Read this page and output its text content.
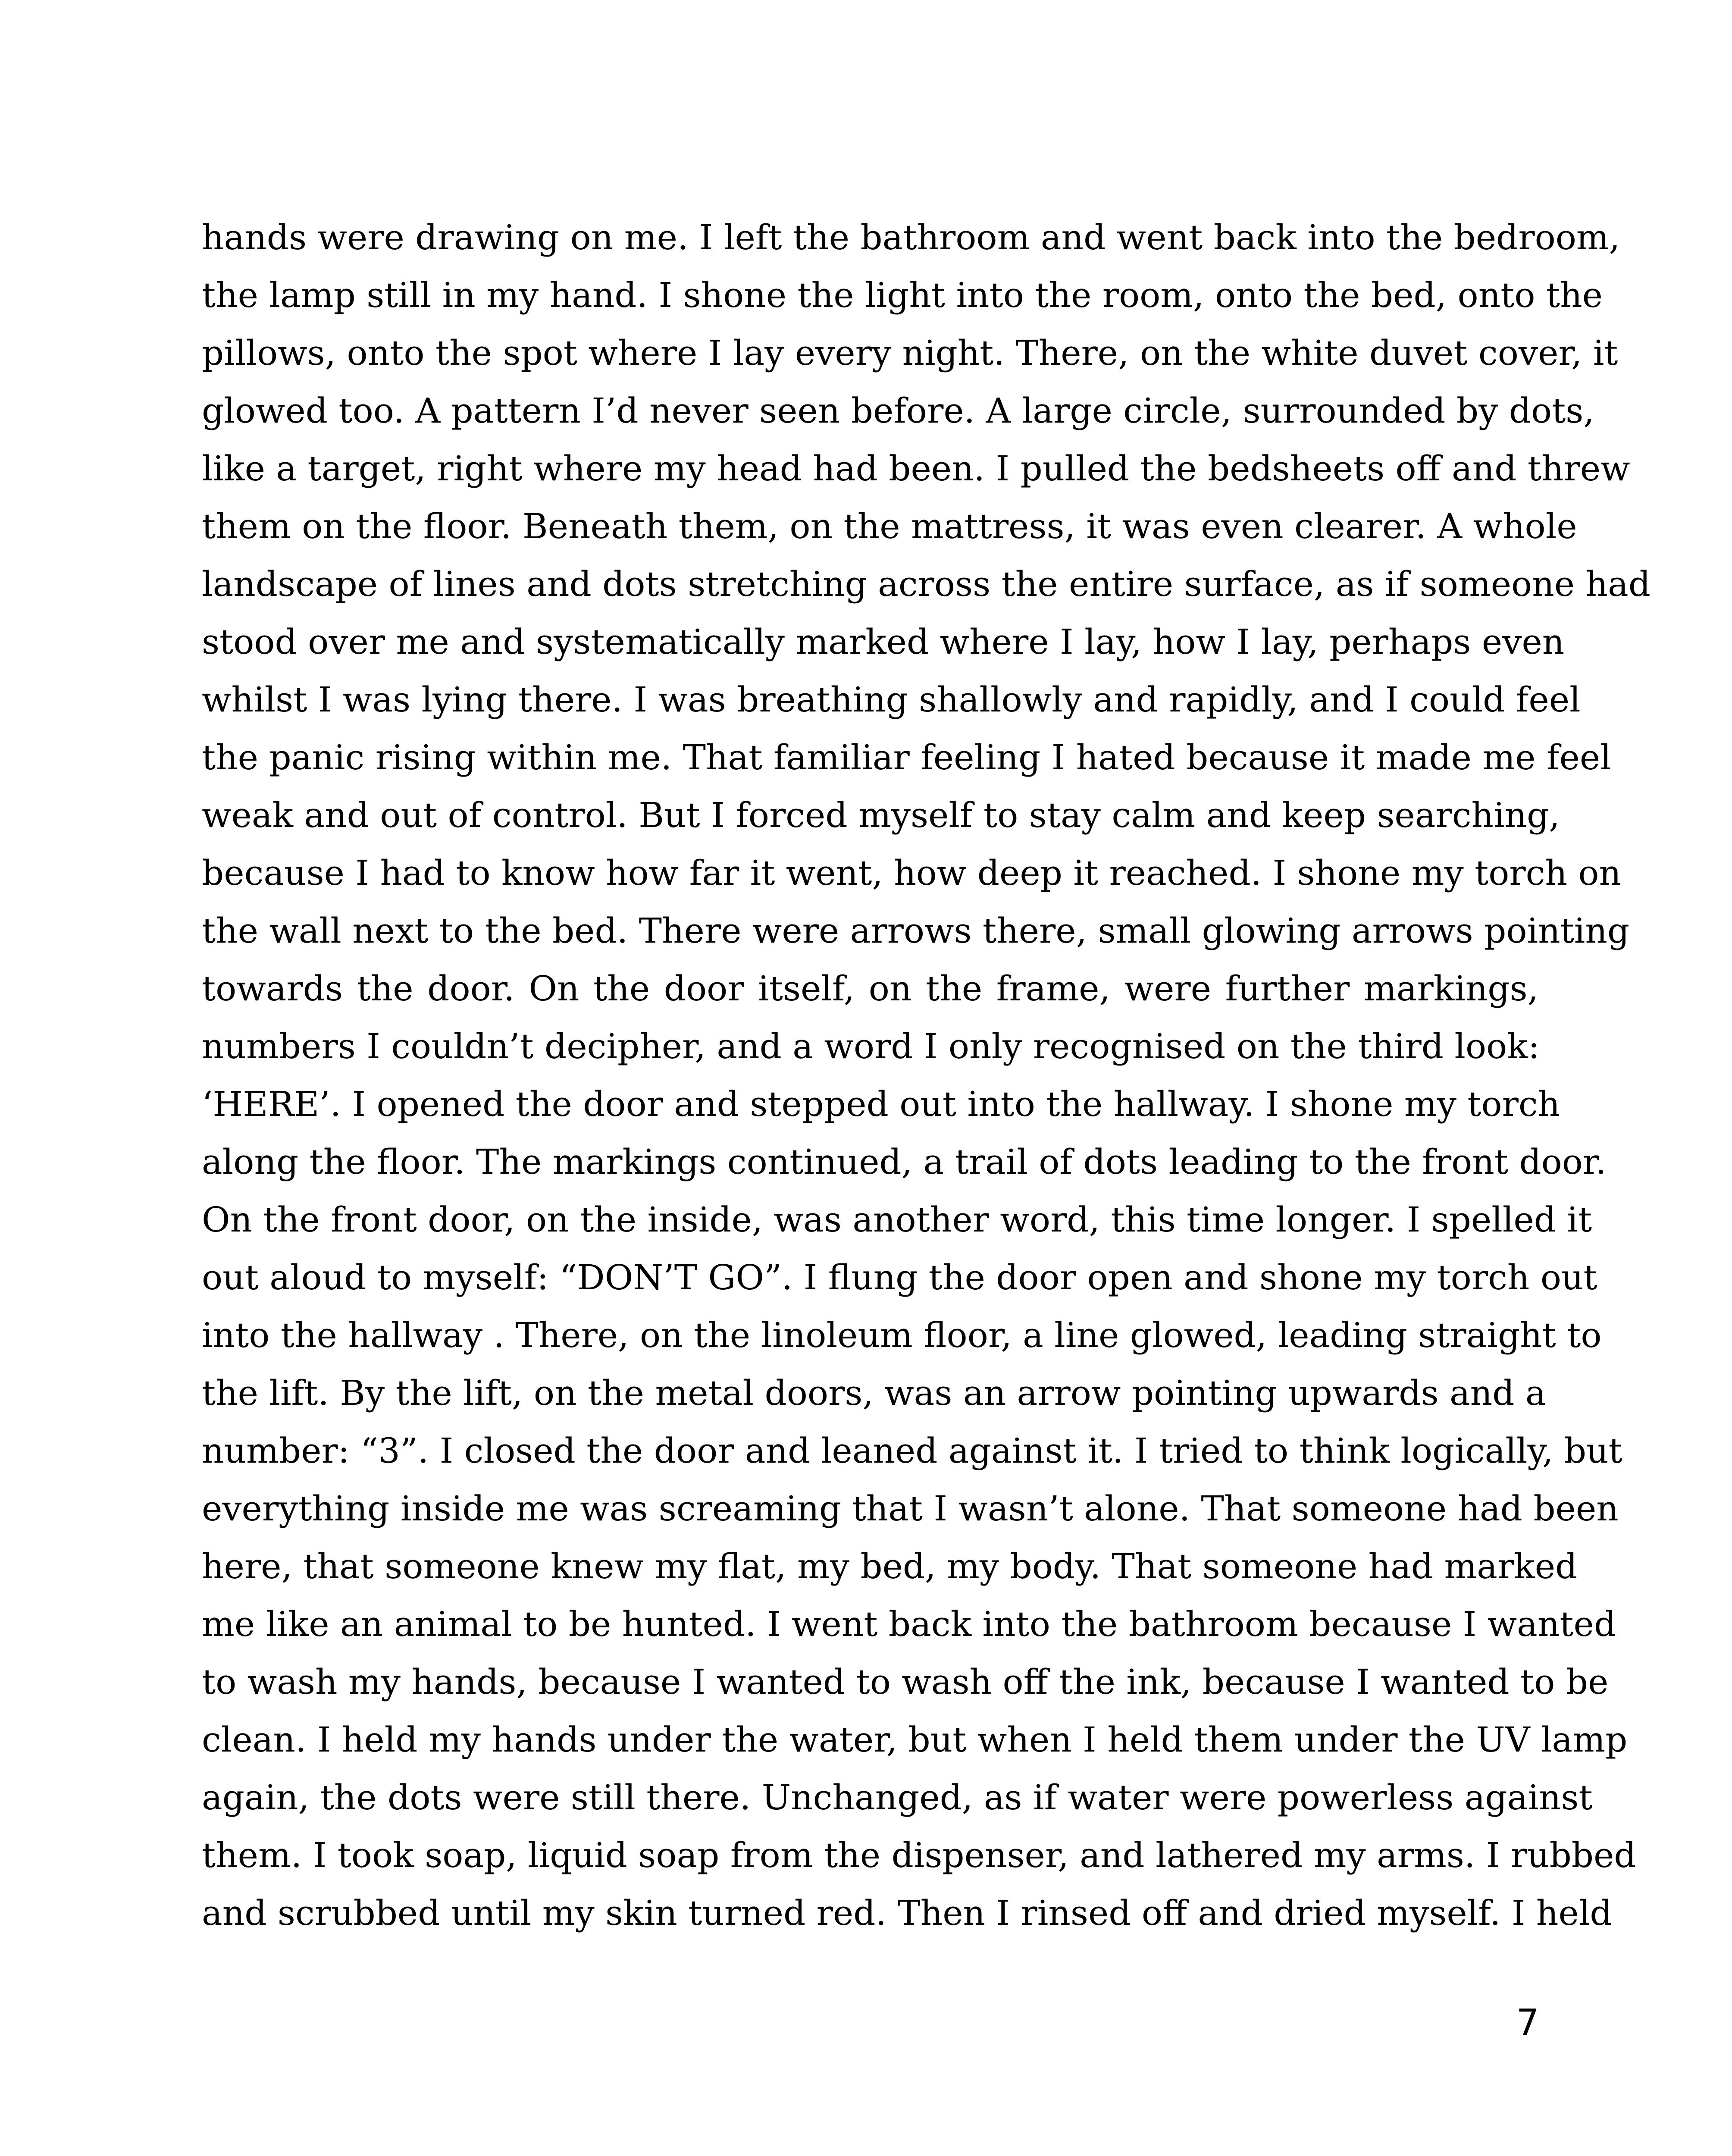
hands were drawing on me. I left the bathroom and went back into the bedroom,
the lamp still in my hand. I shone the light into the room, onto the bed, onto the
pillows, onto the spot where I lay every night. There, on the white duvet cover, it
glowed too. A pattern I’d never seen before. A large circle, surrounded by dots,
like a target, right where my head had been. I pulled the bedsheets off and threw
them on the floor. Beneath them, on the mattress, it was even clearer. A whole
landscape of lines and dots stretching across the entire surface, as if someone had
stood over me and systematically marked where I lay, how I lay, perhaps even
whilst I was lying there. I was breathing shallowly and rapidly, and I could feel
the panic rising within me. That familiar feeling I hated because it made me feel
weak and out of control. But I forced myself to stay calm and keep searching,
because I had to know how far it went, how deep it reached. I shone my torch on
the wall next to the bed. There were arrows there, small glowing arrows pointing
towards the door. On the door itself, on the frame, were further markings,
numbers I couldn’t decipher, and a word I only recognised on the third look:
‘HERE’. I opened the door and stepped out into the hallway. I shone my torch
along the floor. The markings continued, a trail of dots leading to the front door.
On the front door, on the inside, was another word, this time longer. I spelled it
out aloud to myself: “DON’T GO”. I flung the door open and shone my torch out
into the hallway . There, on the linoleum floor, a line glowed, leading straight to
the lift. By the lift, on the metal doors, was an arrow pointing upwards and a
number: “3”. I closed the door and leaned against it. I tried to think logically, but
everything inside me was screaming that I wasn’t alone. That someone had been
here, that someone knew my flat, my bed, my body. That someone had marked
me like an animal to be hunted. I went back into the bathroom because I wanted
to wash my hands, because I wanted to wash off the ink, because I wanted to be
clean. I held my hands under the water, but when I held them under the UV lamp
again, the dots were still there. Unchanged, as if water were powerless against
them. I took soap, liquid soap from the dispenser, and lathered my arms. I rubbed
and scrubbed until my skin turned red. Then I rinsed off and dried myself. I held
7
